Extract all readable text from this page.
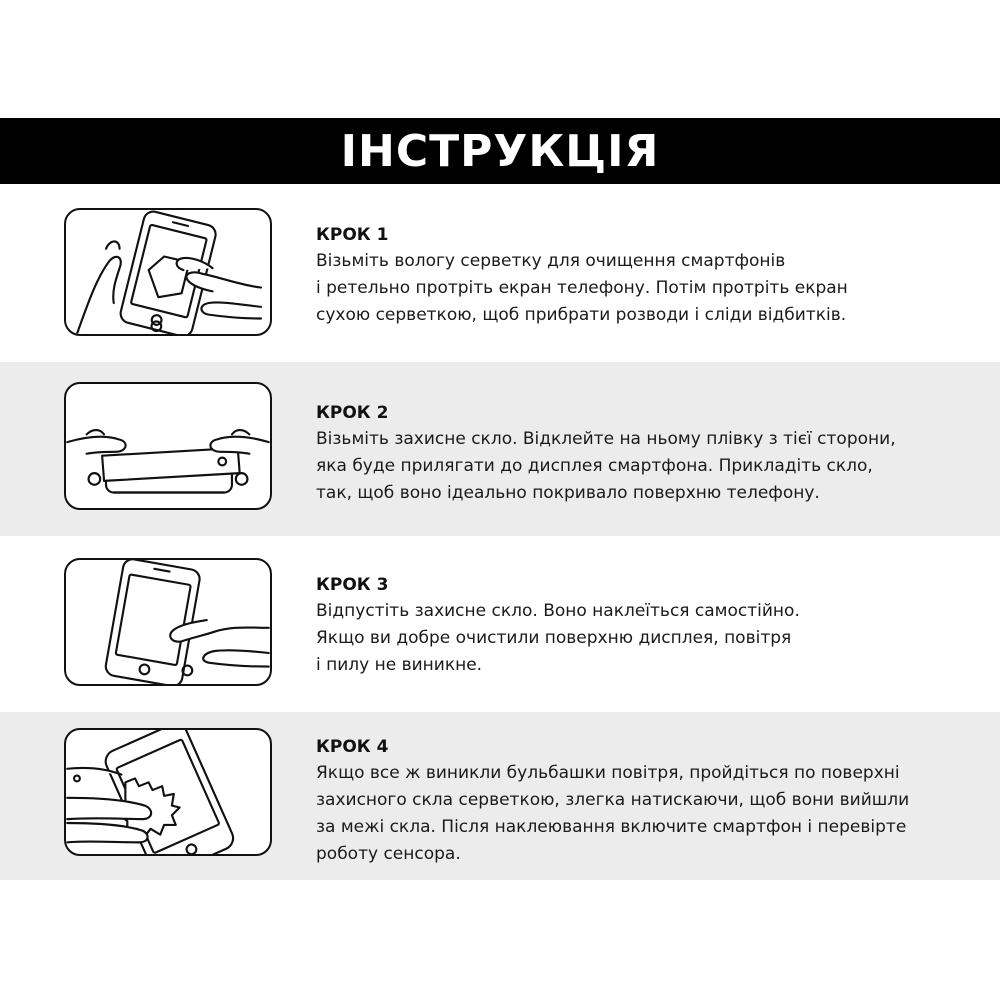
ІНСТРУКЦІЯ
КРОК 1
Візьміть вологу серветку для очищення смартфонів
і ретельно протріть екран телефону. Потім протріть екран
сухою серветкою, щоб прибрати розводи і сліди відбитків.
КРОК 2
Візьміть захисне скло. Відклейте на ньому плівку з тієї сторони,
яка буде прилягати до дисплея смартфона. Прикладіть скло,
так, щоб воно ідеально покривало поверхню телефону.
КРОК 3
Відпустіть захисне скло. Воно наклеїться самостійно.
Якщо ви добре очистили поверхню дисплея, повітря
і пилу не виникне.
КРОК 4
Якщо все ж виникли бульбашки повітря, пройдіться по поверхні
захисного скла серветкою, злегка натискаючи, щоб вони вийшли
за межі скла. Після наклеювання включите смартфон і перевірте
роботу сенсора.
